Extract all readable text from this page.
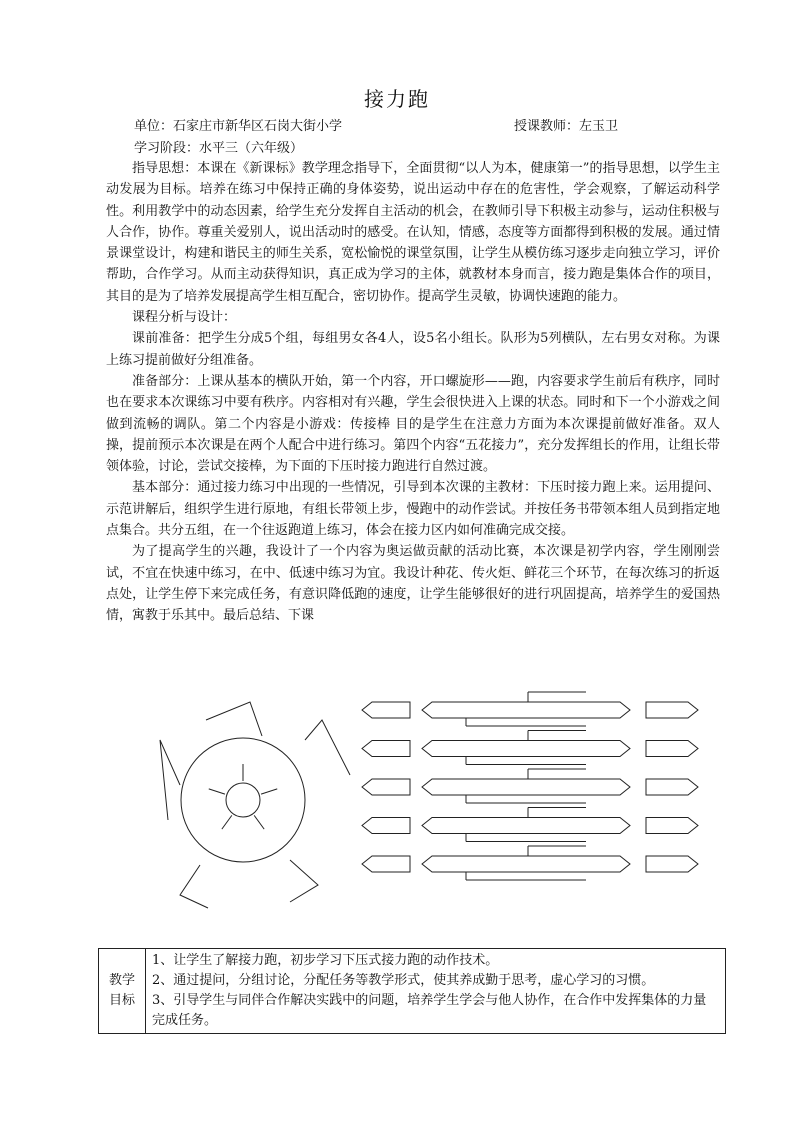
接力跑
单位：石家庄市新华区石岗大街小学	授课教师：左玉卫
学习阶段：水平三（六年级）

指导思想：本课在《新课标》教学理念指导下，全面贯彻“以人为本，健康第一”的指导思想，以学生主动发展为目标。培养在练习中保持正确的身体姿势，说出运动中存在的危害性，学会观察，了解运动科学性。利用教学中的动态因素，给学生充分发挥自主活动的机会，在教师引导下积极主动参与，运动住积极与人合作，协作。尊重关爱别人，说出活动时的感受。在认知，情感，态度等方面都得到积极的发展。通过情景课堂设计，构建和谐民主的师生关系，宽松愉悦的课堂氛围，让学生从模仿练习逐步走向独立学习，评价帮助，合作学习。从而主动获得知识，真正成为学习的主体，就教材本身而言，接力跑是集体合作的项目，其目的是为了培养发展提高学生相互配合，密切协作。提高学生灵敏，协调快速跑的能力。

课程分析与设计：

课前准备：把学生分成5个组，每组男女各4人，设5名小组长。队形为5列横队，左右男女对称。为课上练习提前做好分组准备。

准备部分：上课从基本的横队开始，第一个内容，开口螺旋形——跑，内容要求学生前后有秩序，同时也在要求本次课练习中要有秩序。内容相对有兴趣，学生会很快进入上课的状态。同时和下一个小游戏之间做到流畅的调队。第二个内容是小游戏：传接棒 目的是学生在注意力方面为本次课提前做好准备。双人操，提前预示本次课是在两个人配合中进行练习。第四个内容“五花接力”，充分发挥组长的作用，让组长带领体验，讨论，尝试交接棒，为下面的下压时接力跑进行自然过渡。

基本部分：通过接力练习中出现的一些情况，引导到本次课的主教材：下压时接力跑上来。运用提问、示范讲解后，组织学生进行原地，有组长带领上步，慢跑中的动作尝试。并按任务书带领本组人员到指定地点集合。共分五组，在一个往返跑道上练习，体会在接力区内如何准确完成交接。

为了提高学生的兴趣，我设计了一个内容为奥运做贡献的活动比赛，本次课是初学内容，学生刚刚尝试，不宜在快速中练习，在中、低速中练习为宜。我设计种花、传火炬、鲜花三个环节，在每次练习的折返点处，让学生停下来完成任务，有意识降低跑的速度，让学生能够很好的进行巩固提高，培养学生的爱国热情，寓教于乐其中。最后总结、下课

教学
目标

1、让学生了解接力跑，初步学习下压式接力跑的动作技术。
2、通过提问，分组讨论，分配任务等教学形式，使其养成勤于思考，虚心学习的习惯。
3、引导学生与同伴合作解决实践中的问题，培养学生学会与他人协作，在合作中发挥集体的力量完成任务。
